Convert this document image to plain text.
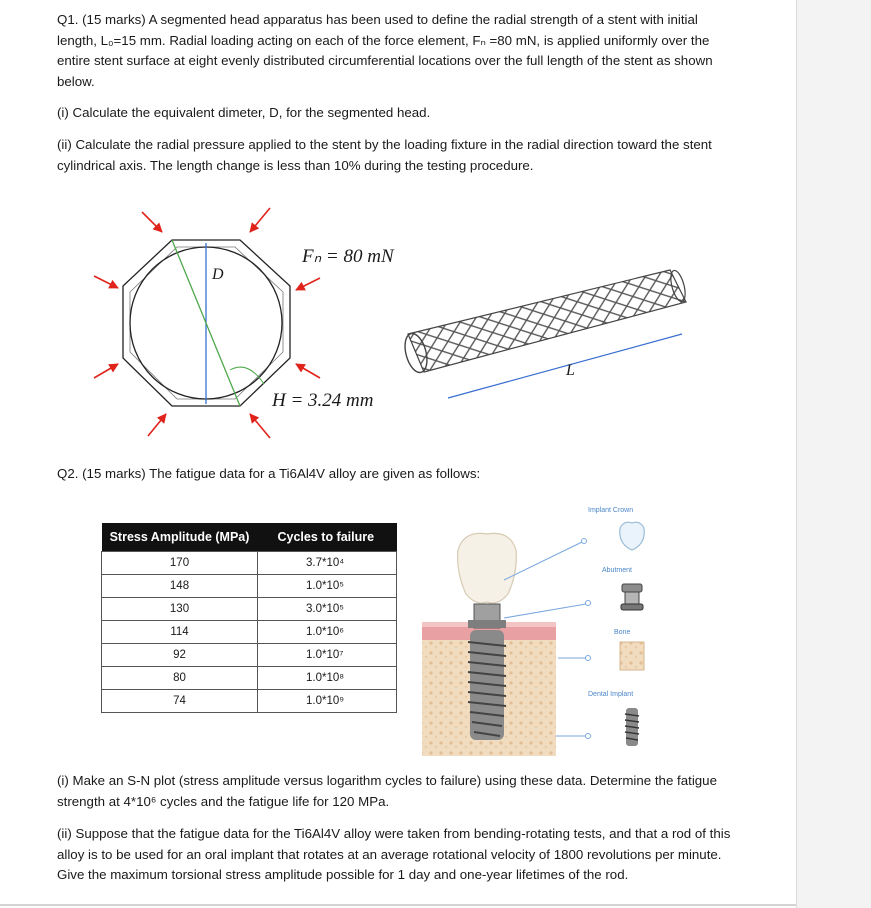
Q1. (15 marks) A segmented head apparatus has been used to define the radial strength of a stent with initial length, L₀=15 mm. Radial loading acting on each of the force element, Fₙ =80 mN, is applied uniformly over the entire stent surface at eight evenly distributed circumferential locations over the full length of the stent as shown below.

(i) Calculate the equivalent dimeter, D, for the segmented head.

(ii) Calculate the radial pressure applied to the stent by the loading fixture in the radial direction toward the stent cylindrical axis. The length change is less than 10% during the testing procedure.

D
Fₙ = 80 mN
H = 3.24 mm
L

Q2. (15 marks) The fatigue data for a Ti6Al4V alloy are given as follows:

Stress Amplitude (MPa)	Cycles to failure
170	3.7*10⁴
148	1.0*10⁵
130	3.0*10⁵
114	1.0*10⁶
92	1.0*10⁷
80	1.0*10⁸
74	1.0*10⁹
Implant Crown
Abutment
Bone
Dental Implant

(i) Make an S-N plot (stress amplitude versus logarithm cycles to failure) using these data. Determine the fatigue strength at 4*10⁶ cycles and the fatigue life for 120 MPa.

(ii) Suppose that the fatigue data for the Ti6Al4V alloy were taken from bending-rotating tests, and that a rod of this alloy is to be used for an oral implant that rotates at an average rotational velocity of 1800 revolutions per minute. Give the maximum torsional stress amplitude possible for 1 day and one-year lifetimes of the rod.
